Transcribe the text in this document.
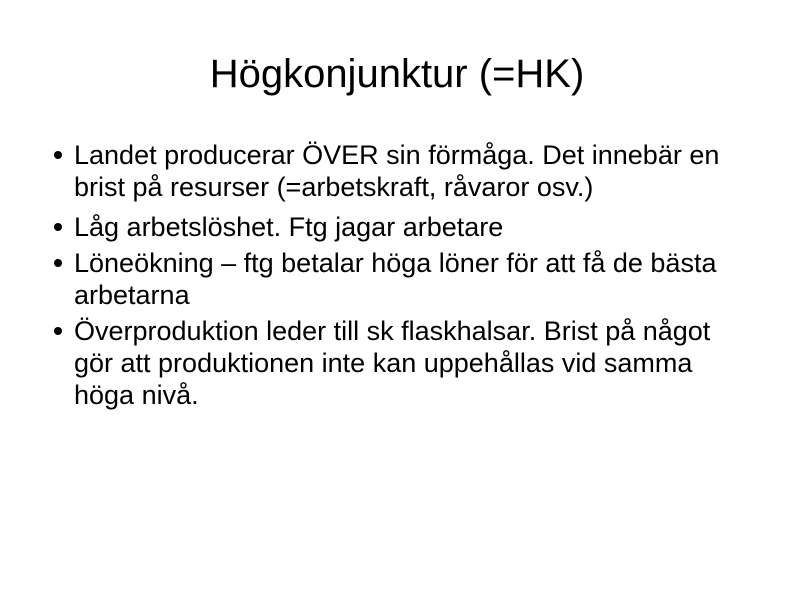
Högkonjunktur (=HK)
Landet producerar ÖVER sin förmåga. Det innebär en brist på resurser (=arbetskraft, råvaror osv.)
Låg arbetslöshet. Ftg jagar arbetare
Löneökning – ftg betalar höga löner för att få de bästa arbetarna
Överproduktion leder till sk flaskhalsar. Brist på något gör att produktionen inte kan uppehållas vid samma höga nivå.
